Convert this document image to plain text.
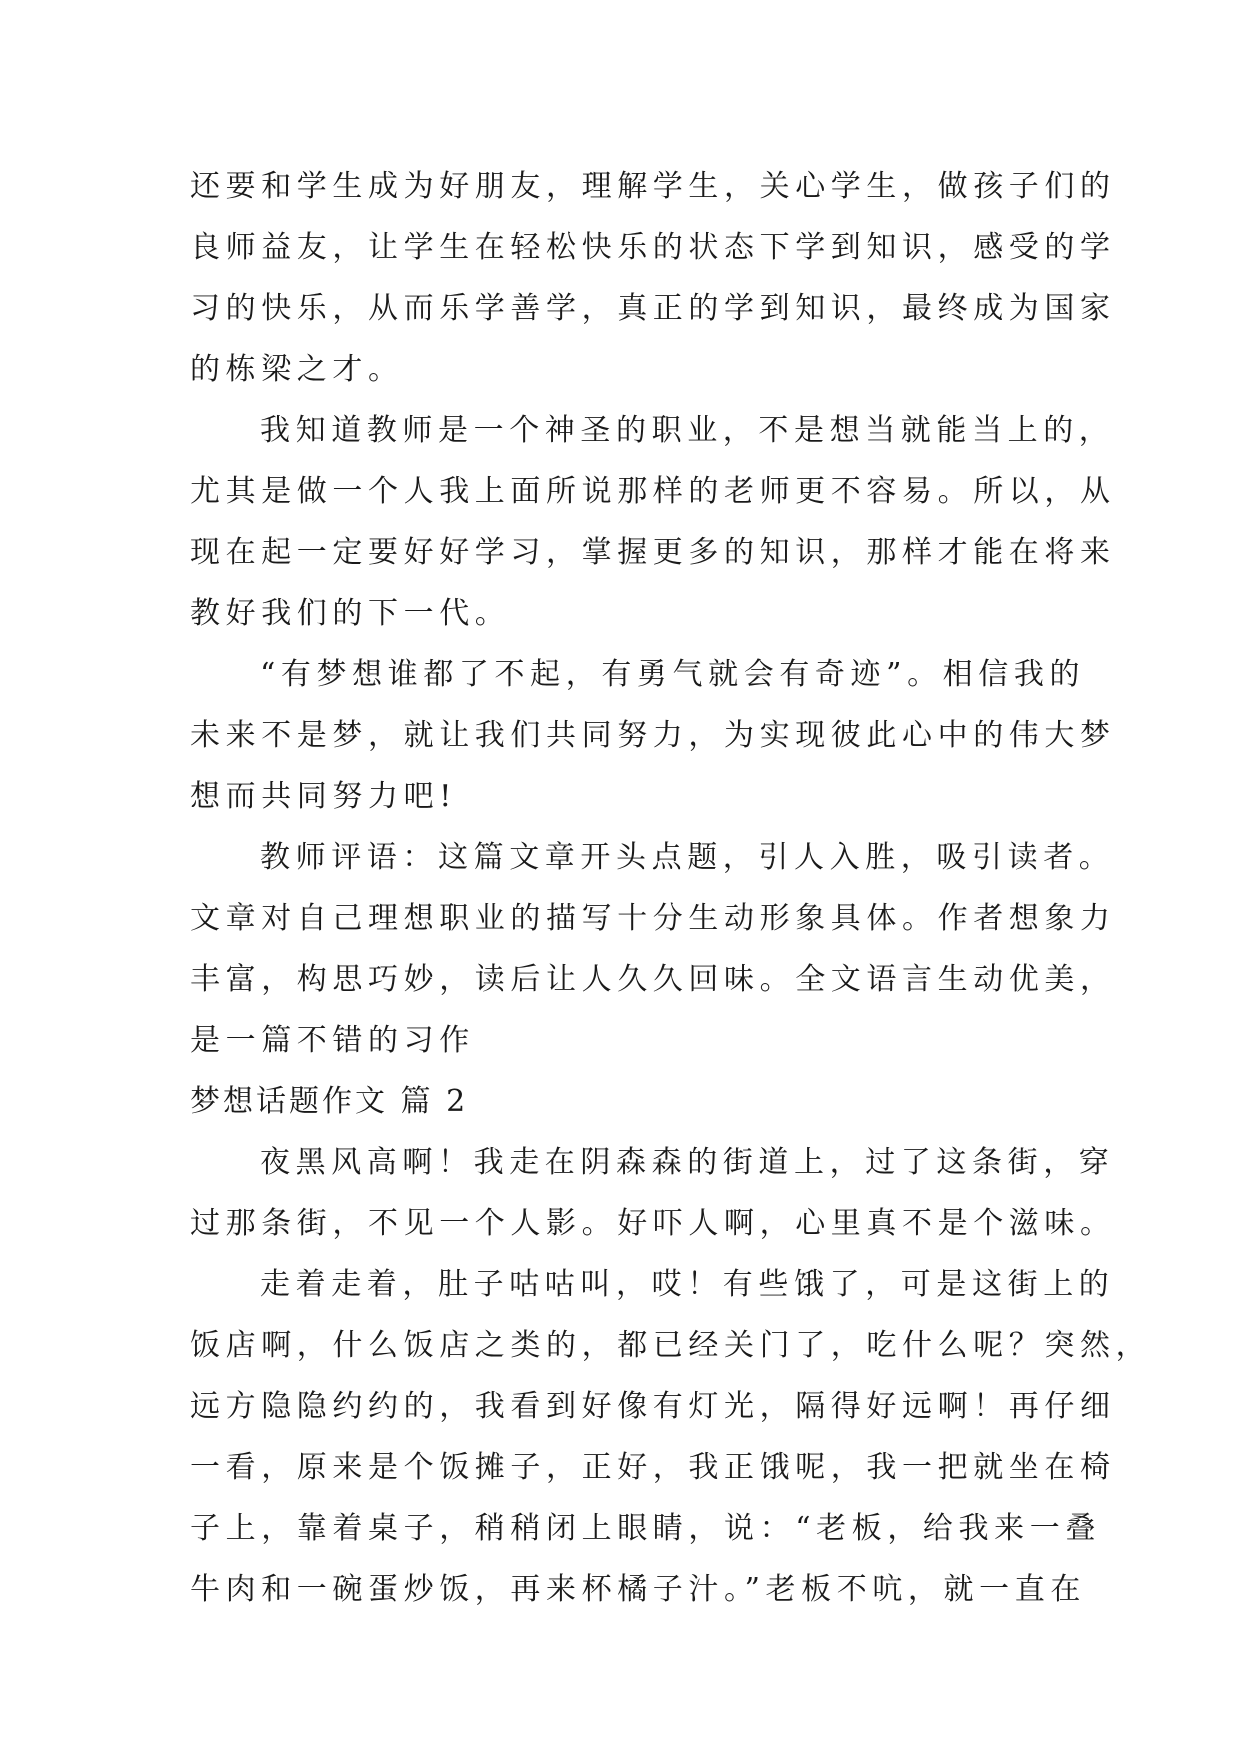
还要和学生成为好朋友，理解学生，关心学生，做孩子们的
良师益友，让学生在轻松快乐的状态下学到知识，感受的学
习的快乐，从而乐学善学，真正的学到知识，最终成为国家
的栋梁之才。
我知道教师是一个神圣的职业，不是想当就能当上的，
尤其是做一个人我上面所说那样的老师更不容易。所以，从
现在起一定要好好学习，掌握更多的知识，那样才能在将来
教好我们的下一代。
“有梦想谁都了不起，有勇气就会有奇迹”。相信我的
未来不是梦，就让我们共同努力，为实现彼此心中的伟大梦
想而共同努力吧!
教师评语：这篇文章开头点题，引人入胜，吸引读者。
文章对自己理想职业的描写十分生动形象具体。作者想象力
丰富，构思巧妙，读后让人久久回味。全文语言生动优美，
是一篇不错的习作
梦想话题作文 篇 2
夜黑风高啊！我走在阴森森的街道上，过了这条街，穿
过那条街，不见一个人影。好吓人啊，心里真不是个滋味。
走着走着，肚子咕咕叫，哎！有些饿了，可是这街上的
饭店啊，什么饭店之类的，都已经关门了，吃什么呢？突然，
远方隐隐约约的，我看到好像有灯光，隔得好远啊！再仔细
一看，原来是个饭摊子，正好，我正饿呢，我一把就坐在椅
子上，靠着桌子，稍稍闭上眼睛，说：“老板，给我来一叠
牛肉和一碗蛋炒饭，再来杯橘子汁。”老板不吭，就一直在
